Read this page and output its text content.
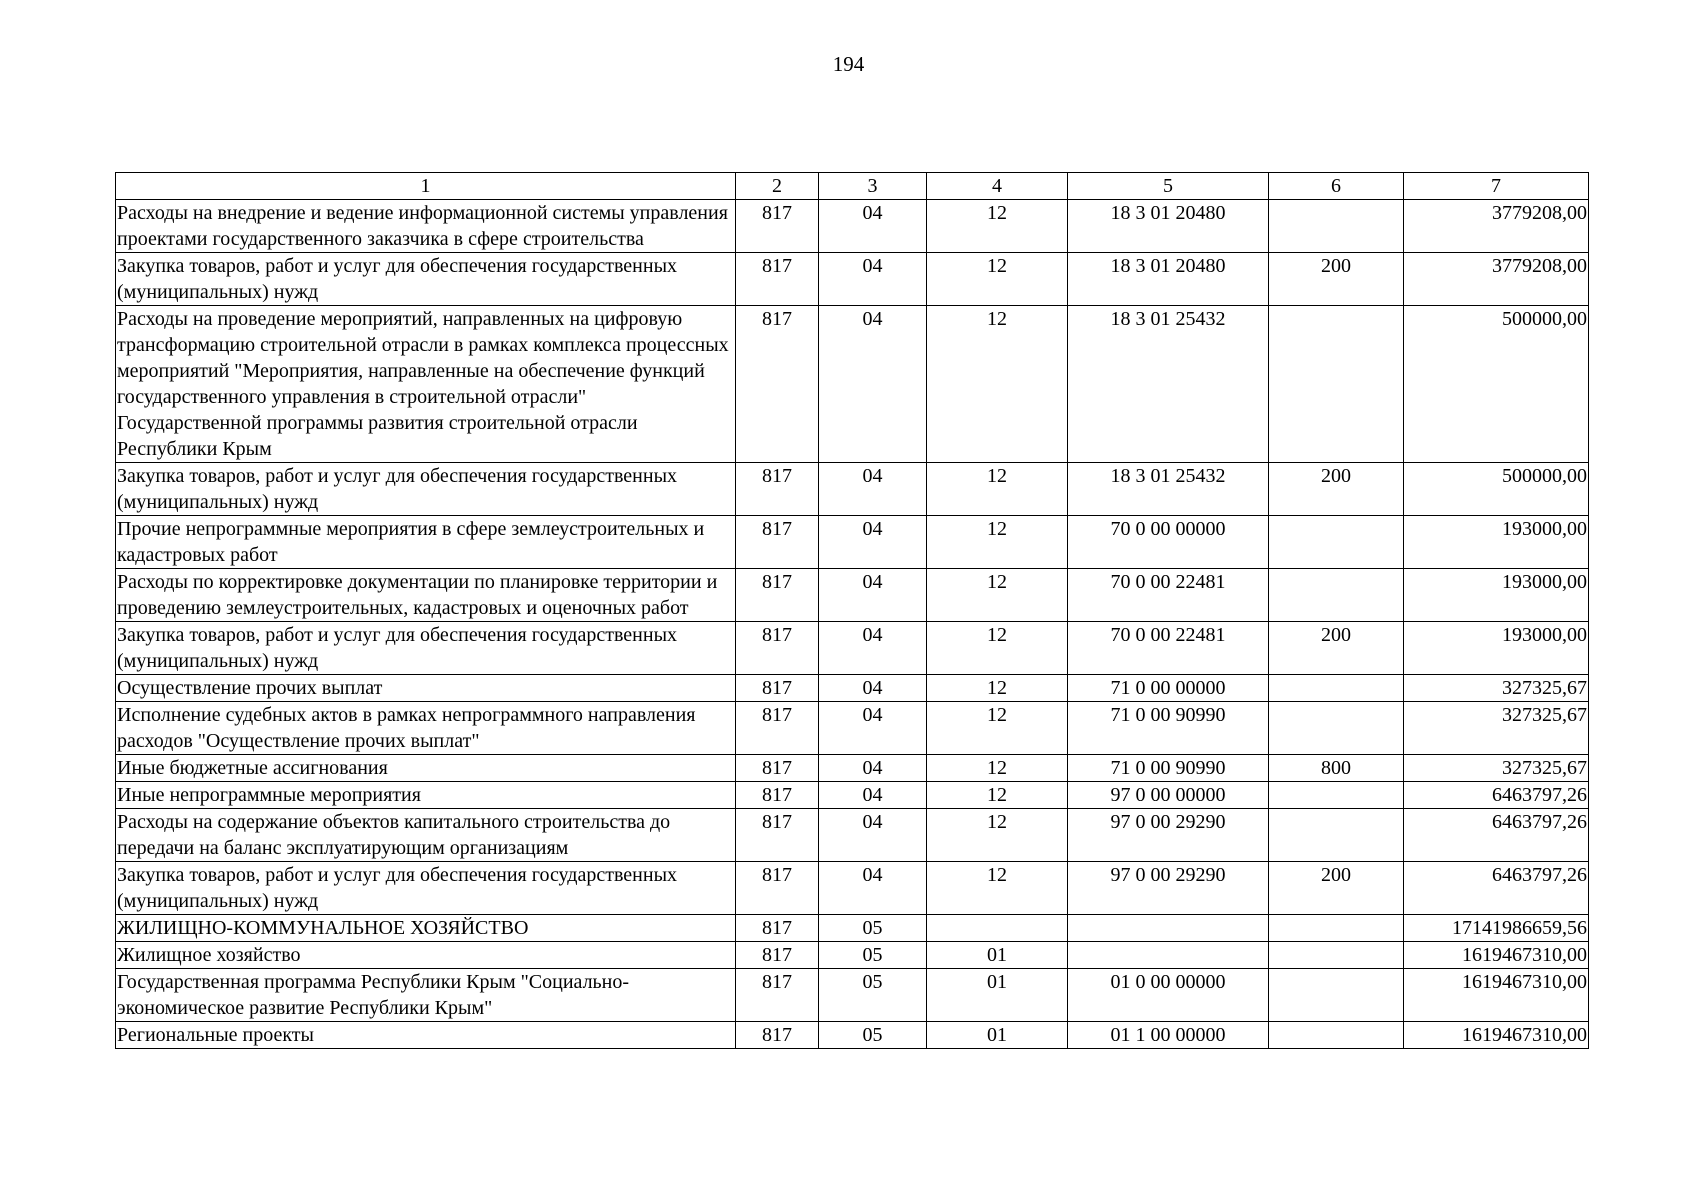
194
1	2	3	4	5	6	7
Расходы на внедрение и ведение информационной системы управления проектами государственного заказчика в сфере строительства	817	04	12	18 3 01 20480		3779208,00
Закупка товаров, работ и услуг для обеспечения государственных (муниципальных) нужд	817	04	12	18 3 01 20480	200	3779208,00
Расходы на проведение мероприятий, направленных на цифровую трансформацию строительной отрасли в рамках комплекса процессных мероприятий "Мероприятия, направленные на обеспечение функций государственного управления в строительной отрасли" Государственной программы развития строительной отрасли Республики Крым	817	04	12	18 3 01 25432		500000,00
Закупка товаров, работ и услуг для обеспечения государственных (муниципальных) нужд	817	04	12	18 3 01 25432	200	500000,00
Прочие непрограммные мероприятия в сфере землеустроительных и кадастровых работ	817	04	12	70 0 00 00000		193000,00
Расходы по корректировке документации по планировке территории и проведению землеустроительных, кадастровых и оценочных работ	817	04	12	70 0 00 22481		193000,00
Закупка товаров, работ и услуг для обеспечения государственных (муниципальных) нужд	817	04	12	70 0 00 22481	200	193000,00
Осуществление прочих выплат	817	04	12	71 0 00 00000		327325,67
Исполнение судебных актов в рамках непрограммного направления расходов "Осуществление прочих выплат"	817	04	12	71 0 00 90990		327325,67
Иные бюджетные ассигнования	817	04	12	71 0 00 90990	800	327325,67
Иные непрограммные мероприятия	817	04	12	97 0 00 00000		6463797,26
Расходы на содержание объектов капитального строительства до передачи на баланс эксплуатирующим организациям	817	04	12	97 0 00 29290		6463797,26
Закупка товаров, работ и услуг для обеспечения государственных (муниципальных) нужд	817	04	12	97 0 00 29290	200	6463797,26
ЖИЛИЩНО-КОММУНАЛЬНОЕ ХОЗЯЙСТВО	817	05				17141986659,56
Жилищное хозяйство	817	05	01			1619467310,00
Государственная программа Республики Крым "Социально-экономическое развитие Республики Крым"	817	05	01	01 0 00 00000		1619467310,00
Региональные проекты	817	05	01	01 1 00 00000		1619467310,00
